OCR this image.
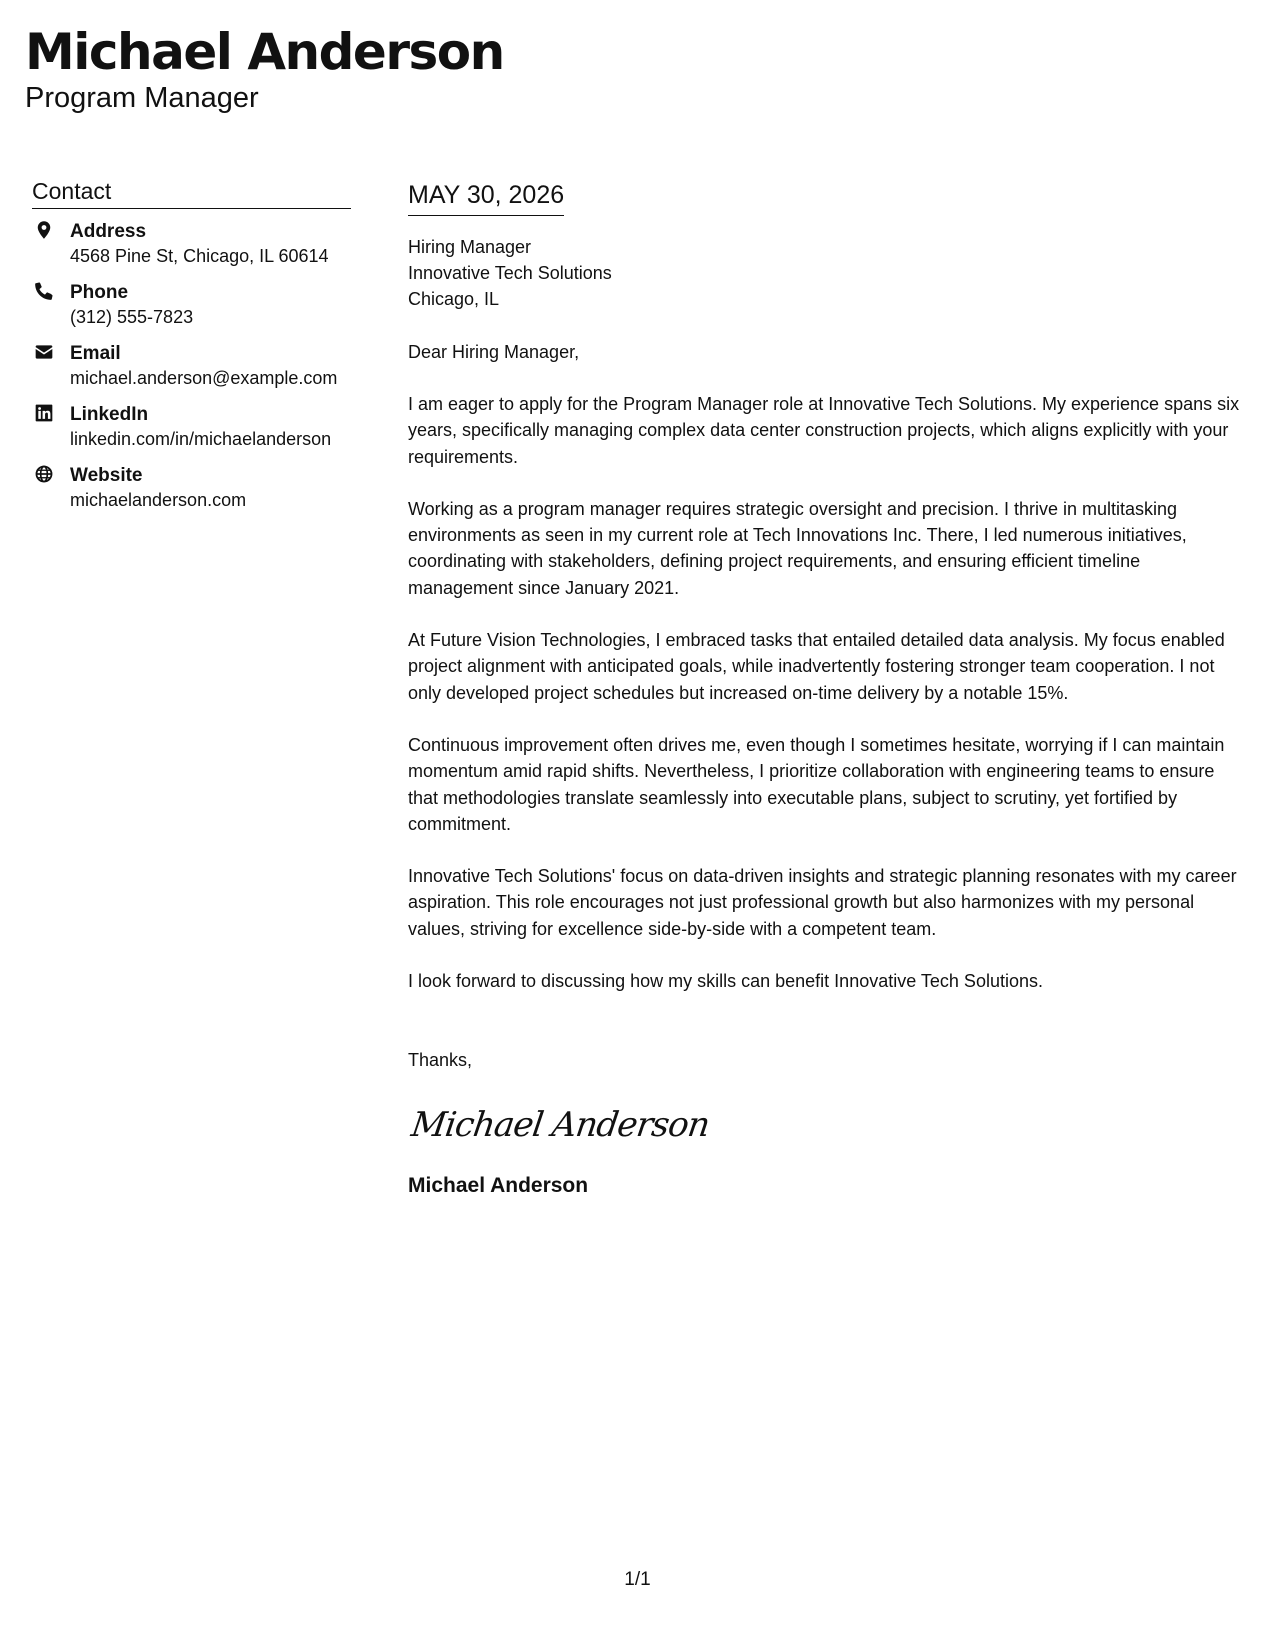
Michael Anderson
Program Manager
Contact
Address
4568 Pine St, Chicago, IL 60614
Phone
(312) 555-7823
Email
michael.anderson@example.com
LinkedIn
linkedin.com/in/michaelanderson
Website
michaelanderson.com
MAY 30, 2026
Hiring Manager
Innovative Tech Solutions
Chicago, IL
Dear Hiring Manager,

I am eager to apply for the Program Manager role at Innovative Tech Solutions. My experience spans six years, specifically managing complex data center construction projects, which aligns explicitly with your requirements.

Working as a program manager requires strategic oversight and precision. I thrive in multitasking environments as seen in my current role at Tech Innovations Inc. There, I led numerous initiatives, coordinating with stakeholders, defining project requirements, and ensuring efficient timeline management since January 2021.

At Future Vision Technologies, I embraced tasks that entailed detailed data analysis. My focus enabled project alignment with anticipated goals, while inadvertently fostering stronger team cooperation. I not only developed project schedules but increased on-time delivery by a notable 15%.

Continuous improvement often drives me, even though I sometimes hesitate, worrying if I can maintain momentum amid rapid shifts. Nevertheless, I prioritize collaboration with engineering teams to ensure that methodologies translate seamlessly into executable plans, subject to scrutiny, yet fortified by commitment.

Innovative Tech Solutions' focus on data-driven insights and strategic planning resonates with my career aspiration. This role encourages not just professional growth but also harmonizes with my personal values, striving for excellence side-by-side with a competent team.

I look forward to discussing how my skills can benefit Innovative Tech Solutions.

Thanks,
Michael Anderson
Michael Anderson
1/1
